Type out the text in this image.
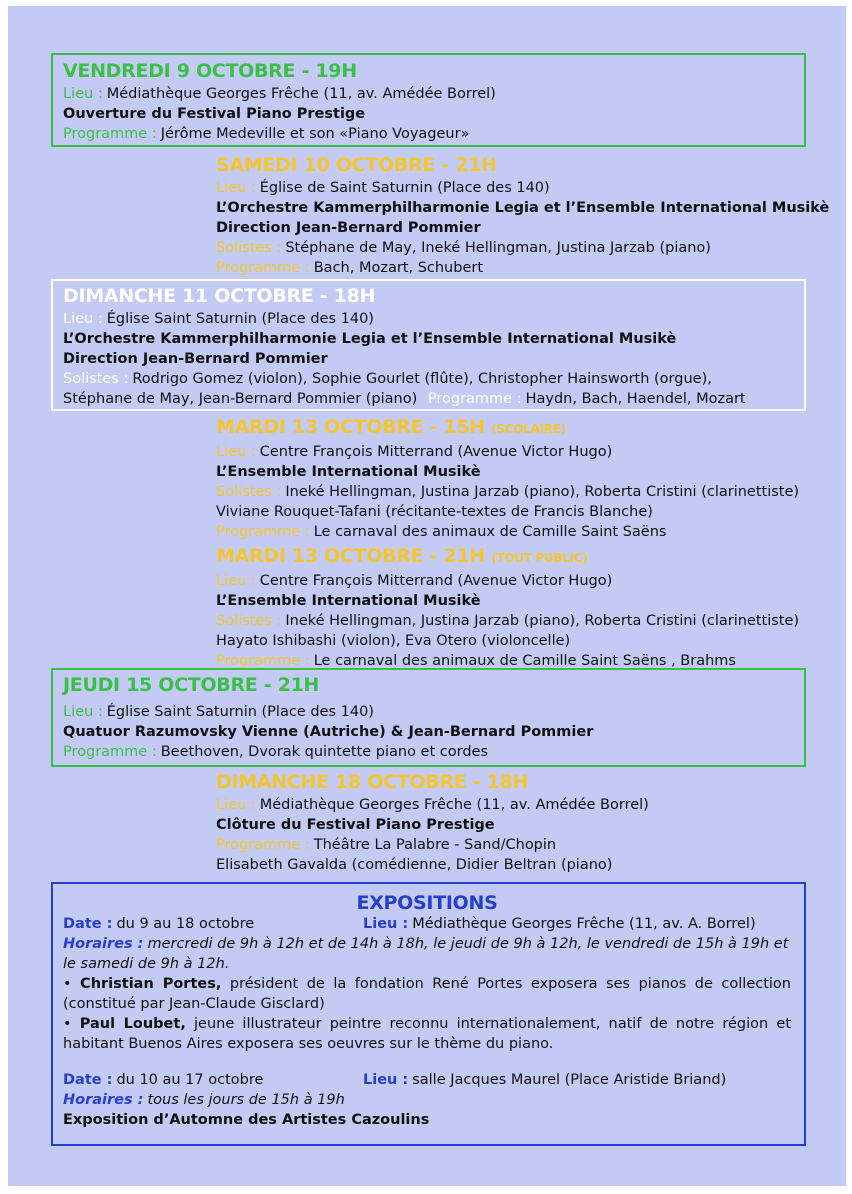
VENDREDI 9 OCTOBRE - 19H
Lieu : Médiathèque Georges Frêche (11, av. Amédée Borrel)
Ouverture du Festival Piano Prestige
Programme : Jérôme Medeville et son «Piano Voyageur»
SAMEDI 10 OCTOBRE - 21H
Lieu : Église de Saint Saturnin (Place des 140)
L’Orchestre Kammerphilharmonie Legia et l’Ensemble International Musikè
Direction Jean-Bernard Pommier
Solistes : Stéphane de May, Ineké Hellingman, Justina Jarzab (piano)
Programme : Bach, Mozart, Schubert
DIMANCHE 11 OCTOBRE - 18H
Lieu : Église Saint Saturnin (Place des 140)
L’Orchestre Kammerphilharmonie Legia et l’Ensemble International Musikè
Direction Jean-Bernard Pommier
Solistes : Rodrigo Gomez (violon), Sophie Gourlet (flûte), Christopher Hainsworth (orgue),
Stéphane de May, Jean-Bernard Pommier (piano) Programme : Haydn, Bach, Haendel, Mozart
MARDI 13 OCTOBRE - 15H (SCOLAIRE)
Lieu : Centre François Mitterrand (Avenue Victor Hugo)
L’Ensemble International Musikè
Solistes : Ineké Hellingman, Justina Jarzab (piano), Roberta Cristini (clarinettiste)
Viviane Rouquet-Tafani (récitante-textes de Francis Blanche)
Programme : Le carnaval des animaux de Camille Saint Saëns
MARDI 13 OCTOBRE - 21H (TOUT PUBLIC)
Lieu : Centre François Mitterrand (Avenue Victor Hugo)
L’Ensemble International Musikè
Solistes : Ineké Hellingman, Justina Jarzab (piano), Roberta Cristini (clarinettiste)
Hayato Ishibashi (violon), Eva Otero (violoncelle)
Programme : Le carnaval des animaux de Camille Saint Saëns , Brahms
JEUDI 15 OCTOBRE - 21H
Lieu : Église Saint Saturnin (Place des 140)
Quatuor Razumovsky Vienne (Autriche) & Jean-Bernard Pommier
Programme : Beethoven, Dvorak quintette piano et cordes
DIMANCHE 18 OCTOBRE - 18H
Lieu : Médiathèque Georges Frêche (11, av. Amédée Borrel)
Clôture du Festival Piano Prestige
Programme : Théâtre La Palabre - Sand/Chopin
Elisabeth Gavalda (comédienne, Didier Beltran (piano)
EXPOSITIONS
Date : du 9 au 18 octobre	Lieu : Médiathèque Georges Frêche (11, av. A. Borrel)
Horaires : mercredi de 9h à 12h et de 14h à 18h, le jeudi de 9h à 12h, le vendredi de 15h à 19h et le samedi de 9h à 12h.
• Christian Portes, président de la fondation René Portes exposera ses pianos de collection (constitué par Jean-Claude Gisclard)
• Paul Loubet, jeune illustrateur peintre reconnu internationalement, natif de notre région et habitant Buenos Aires exposera ses oeuvres sur le thème du piano.
Date : du 10 au 17 octobre	Lieu : salle Jacques Maurel (Place Aristide Briand)
Horaires : tous les jours de 15h à 19h
Exposition d’Automne des Artistes Cazoulins
